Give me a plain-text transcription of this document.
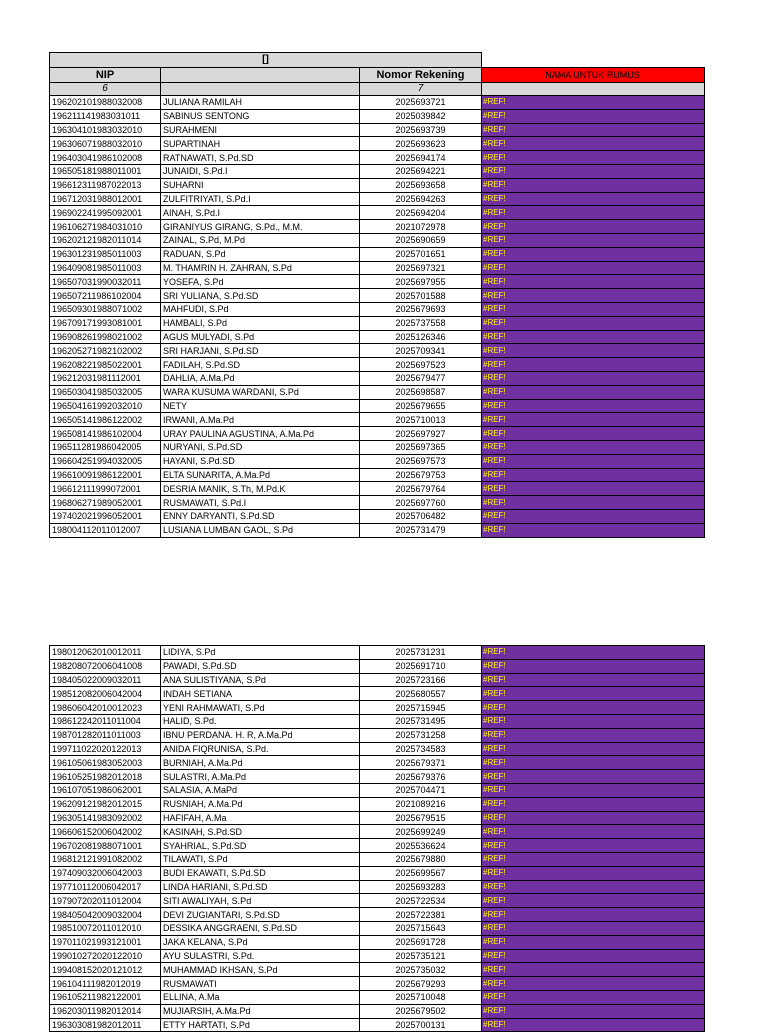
[]			
NIP		Nomor Rekening	NAMA UNTUK RUMUS
6		7	
196202101988032008	JULIANA RAMILAH	2025693721	#REF!
196211141983031011	SABINUS SENTONG	2025039842	#REF!
196304101983032010	SURAHMENI	2025693739	#REF!
196306071988032010	SUPARTINAH	2025693623	#REF!
196403041986102008	RATNAWATI, S.Pd.SD	2025694174	#REF!
196505181988011001	JUNAIDI, S.Pd.I	2025694221	#REF!
196612311987022013	SUHARNI	2025693658	#REF!
196712031988012001	ZULFITRIYATI, S.Pd.I	2025694263	#REF!
196902241995092001	AINAH, S.Pd.I	2025694204	#REF!
196106271984031010	GIRANIYUS GIRANG, S.Pd., M.M.	2021072978	#REF!
196202121982011014	ZAINAL, S.Pd, M.Pd	2025690659	#REF!
196301231985011003	RADUAN, S.Pd	2025701651	#REF!
196409081985011003	M. THAMRIN H. ZAHRAN, S.Pd	2025697321	#REF!
196507031990032011	YOSEFA, S.Pd	2025697955	#REF!
196507211986102004	SRI YULIANA, S.Pd.SD	2025701588	#REF!
196509301988071002	MAHFUDI, S.Pd	2025679693	#REF!
196709171993081001	HAMBALI, S.Pd	2025737558	#REF!
196908261998021002	AGUS MULYADI, S.Pd	2025126346	#REF!
196205271982102002	SRI HARJANI, S.Pd.SD	2025709341	#REF!
196208221985022001	FADILAH, S.Pd.SD	2025697523	#REF!
196212031981112001	DAHLIA, A.Ma.Pd	2025679477	#REF!
196503041985032005	WARA KUSUMA WARDANI, S.Pd	2025698587	#REF!
196504161992032010	NETY	2025679655	#REF!
196505141986122002	IRWANI, A.Ma.Pd	2025710013	#REF!
196508141986102004	URAY PAULINA AGUSTINA, A.Ma.Pd	2025697927	#REF!
196511281986042005	NURYANI, S.Pd.SD	2025697365	#REF!
196604251994032005	HAYANI, S.Pd.SD	2025697573	#REF!
196610091986122001	ELTA SUNARITA, A.Ma.Pd	2025679753	#REF!
196612111999072001	DESRIA MANIK, S.Th, M.Pd.K	2025679764	#REF!
196806271989052001	RUSMAWATI, S.Pd.I	2025697760	#REF!
197402021996052001	ENNY DARYANTI, S.Pd.SD	2025706482	#REF!
198004112011012007	LUSIANA LUMBAN GAOL, S.Pd	2025731479	#REF!
198012062010012011	LIDIYA, S.Pd	2025731231	#REF!
198208072006041008	PAWADI, S.Pd.SD	2025691710	#REF!
198405022009032011	ANA SULISTIYANA, S.Pd	2025723166	#REF!
198512082006042004	INDAH SETIANA	2025680557	#REF!
198606042010012023	YENI RAHMAWATI, S.Pd	2025715945	#REF!
198612242011011004	HALID, S.Pd.	2025731495	#REF!
198701282011011003	IBNU PERDANA. H. R, A.Ma.Pd	2025731258	#REF!
199711022020122013	ANIDA FIQRUNISA, S.Pd.	2025734583	#REF!
196105061983052003	BURNIAH, A.Ma.Pd	2025679371	#REF!
196105251982012018	SULASTRI, A.Ma.Pd	2025679376	#REF!
196107051986062001	SALASIA, A.MaPd	2025704471	#REF!
196209121982012015	RUSNIAH, A.Ma.Pd	2021089216	#REF!
196305141983092002	HAFIFAH, A.Ma	2025679515	#REF!
196606152006042002	KASINAH, S.Pd.SD	2025699249	#REF!
196702081988071001	SYAHRIAL, S.Pd.SD	2025536624	#REF!
196812121991082002	TILAWATI, S.Pd	2025679880	#REF!
197409032006042003	BUDI EKAWATI, S.Pd.SD	2025699567	#REF!
197710112006042017	LINDA HARIANI, S.Pd.SD	2025693283	#REF!
197907202011012004	SITI AWALIYAH, S.Pd	2025722534	#REF!
198405042009032004	DEVI ZUGIANTARI, S.Pd.SD	2025722381	#REF!
198510072011012010	DESSIKA ANGGRAENI, S.Pd.SD	2025715643	#REF!
197011021993121001	JAKA KELANA, S.Pd	2025691728	#REF!
199010272020122010	AYU SULASTRI, S.Pd.	2025735121	#REF!
199408152020121012	MUHAMMAD IKHSAN, S.Pd	2025735032	#REF!
196104111982012019	RUSMAWATI	2025679293	#REF!
196105211982122001	ELLINA, A.Ma	2025710048	#REF!
196203011982012014	MUJIARSIH, A.Ma.Pd	2025679502	#REF!
196303081982012011	ETTY HARTATI, S.Pd	2025700131	#REF!
